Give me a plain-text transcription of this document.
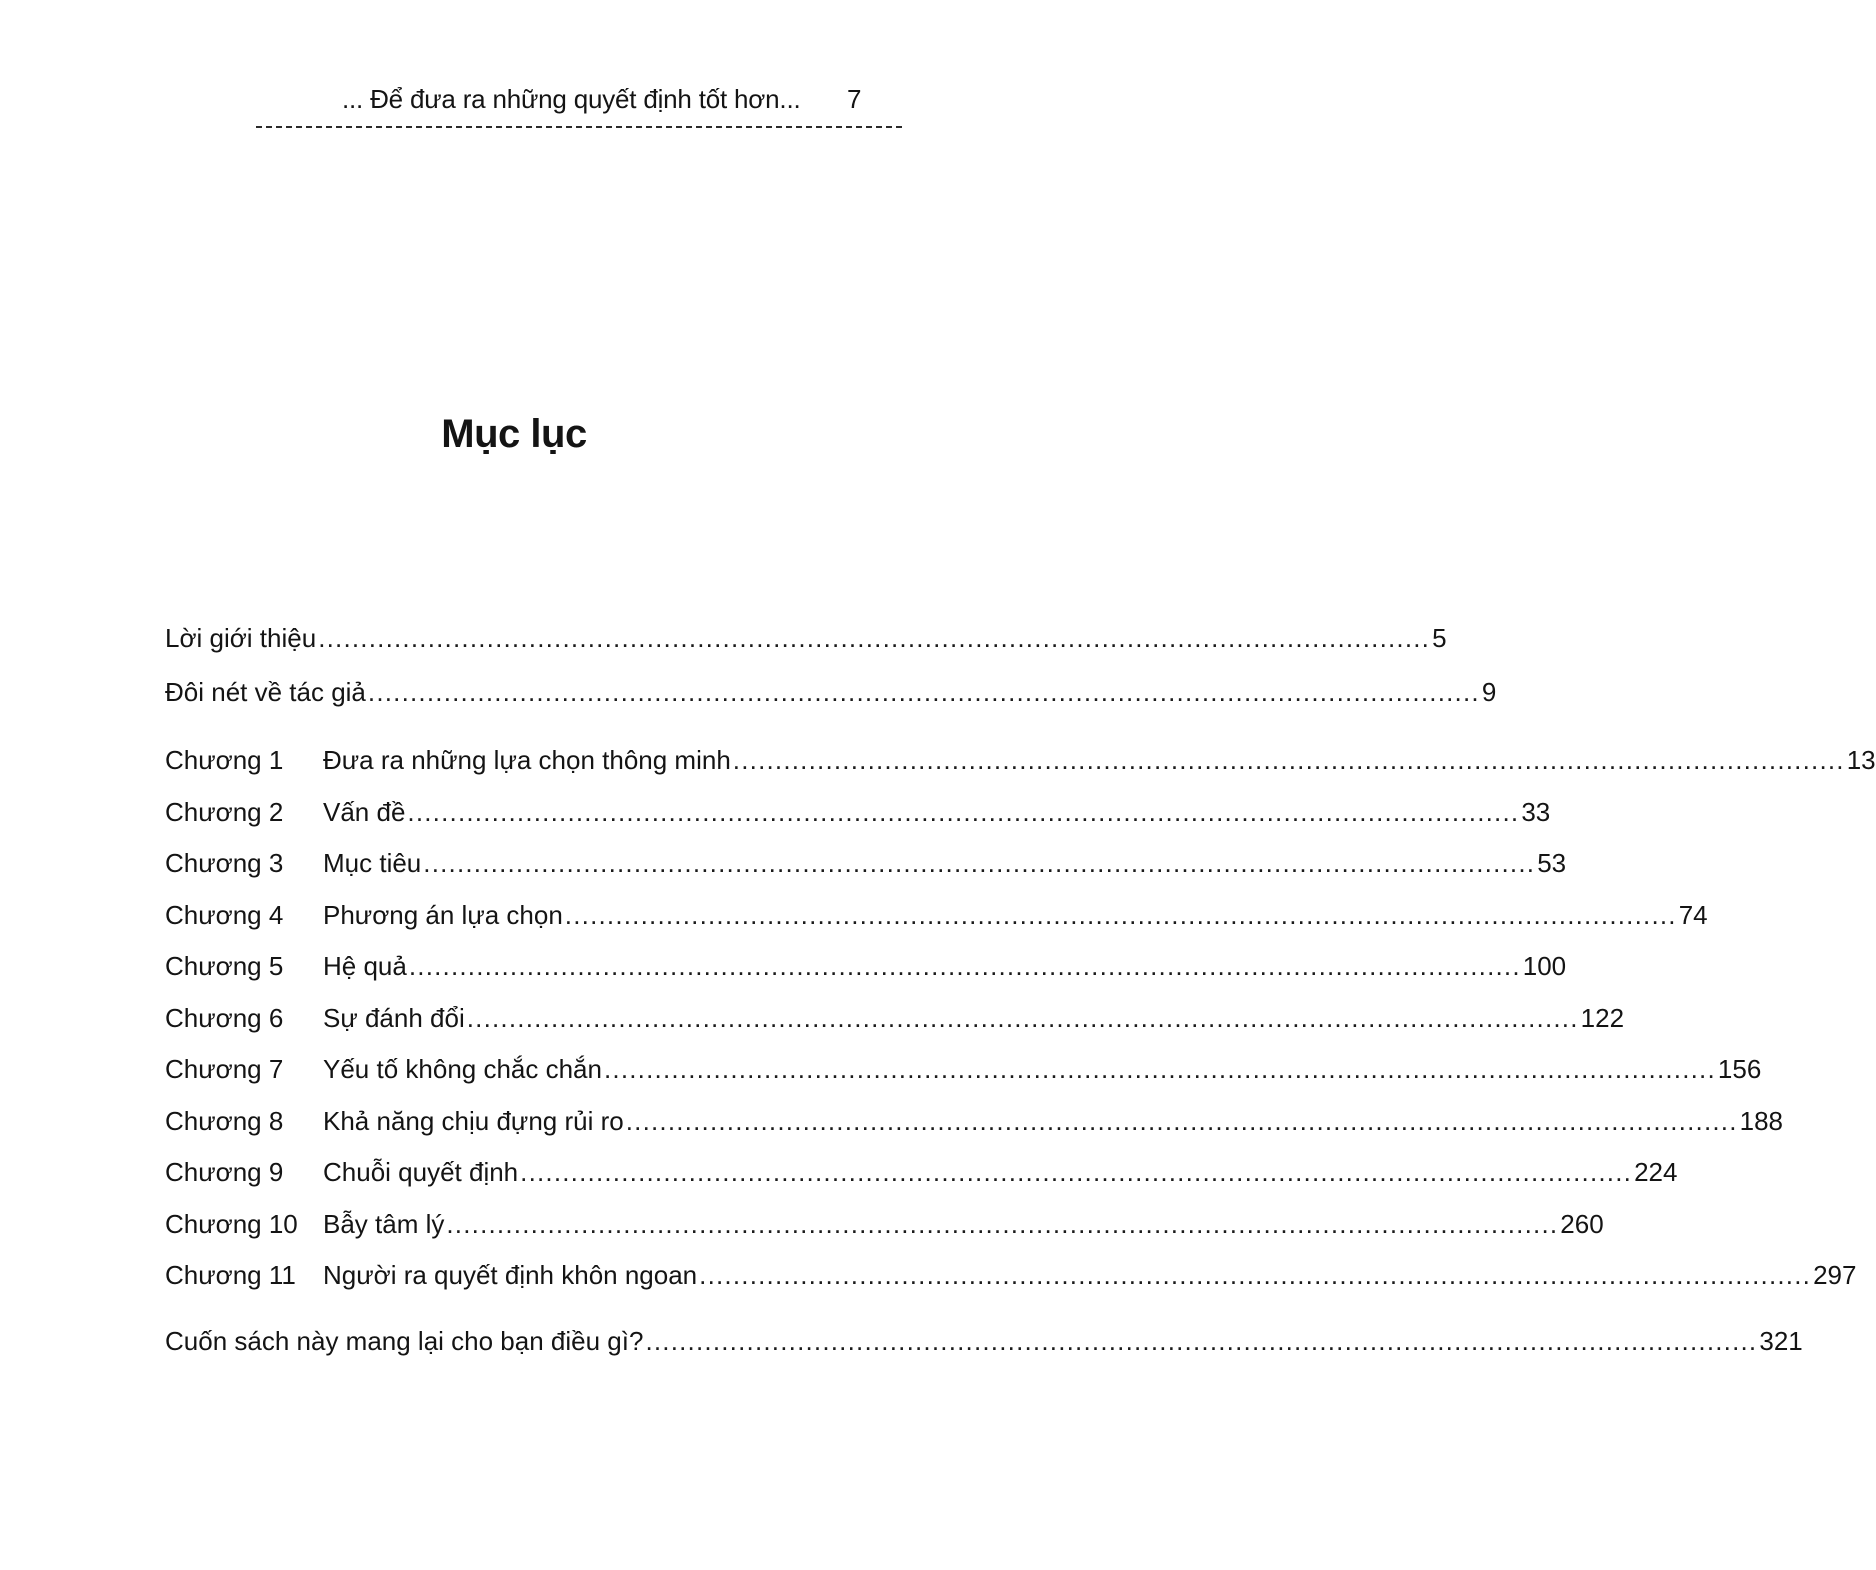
... Để đưa ra những quyết định tốt hơn... 7
Mục lục
Lời giới thiệu .................................................................................................................................... 5
Đôi nét về tác giả .................................................................................................................................... 9
Chương 1	Đưa ra những lựa chọn thông minh .................................................................................................................................... 13
Chương 2	Vấn đề .................................................................................................................................... 33
Chương 3	Mục tiêu .................................................................................................................................... 53
Chương 4	Phương án lựa chọn .................................................................................................................................... 74
Chương 5	Hệ quả .................................................................................................................................... 100
Chương 6	Sự đánh đổi .................................................................................................................................... 122
Chương 7	Yếu tố không chắc chắn .................................................................................................................................... 156
Chương 8	Khả năng chịu đựng rủi ro .................................................................................................................................... 188
Chương 9	Chuỗi quyết định .................................................................................................................................... 224
Chương 10 Bẫy tâm lý .................................................................................................................................... 260
Chương 11	Người ra quyết định khôn ngoan .................................................................................................................................... 297
Cuốn sách này mang lại cho bạn điều gì? .................................................................................................................................... 321
